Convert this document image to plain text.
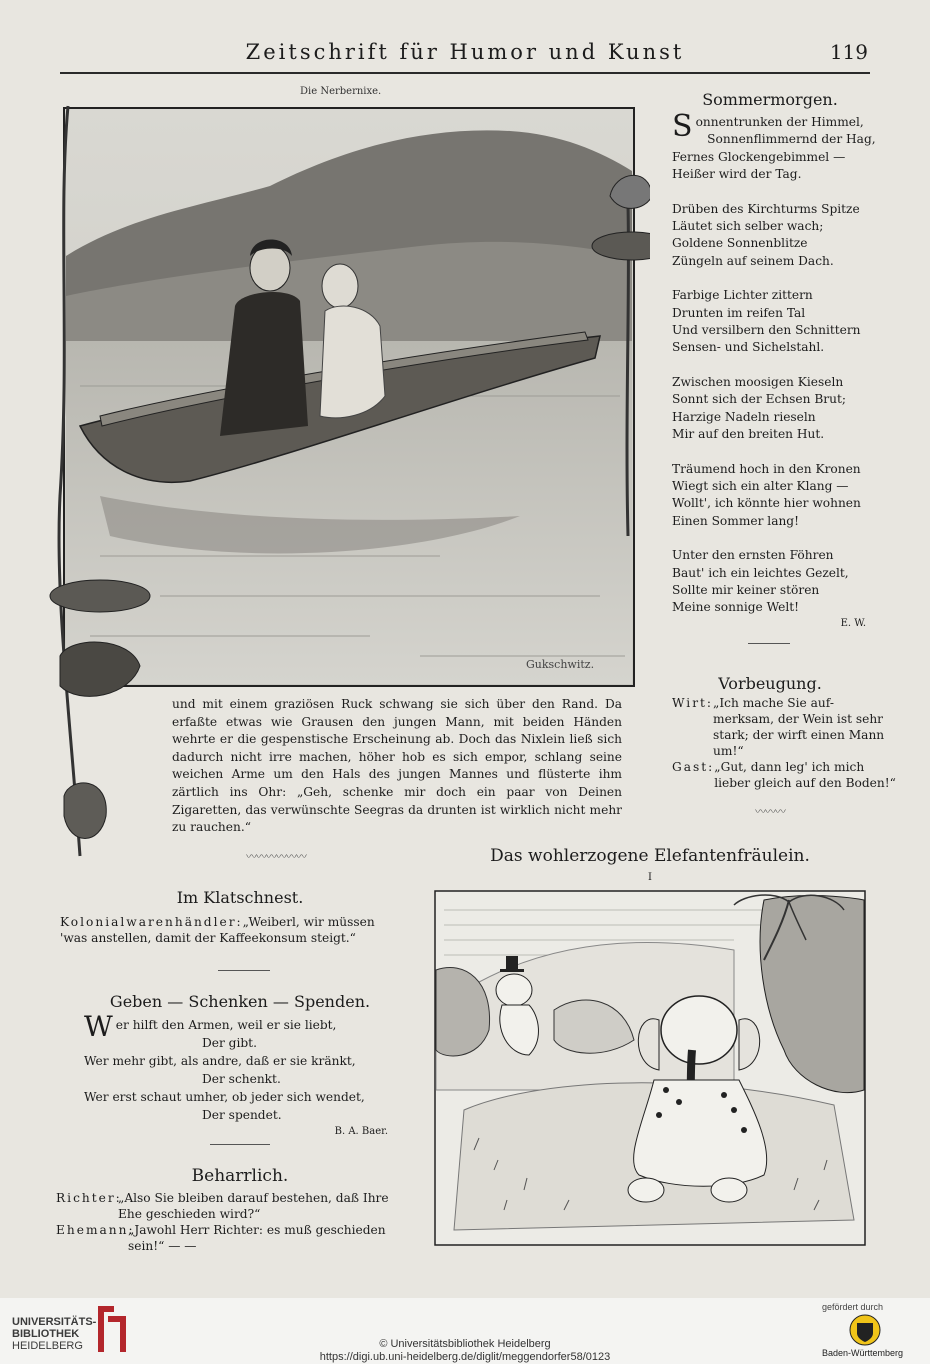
Zeitschrift für Humor und Kunst	119
Die Nerbernixe.
Gukschwitz.
Sommermorgen.
Sonnentrunken der Himmel,
Sonnenflimmernd der Hag,
Fernes Glockengebimmel —
Heißer wird der Tag.
Drüben des Kirchturms Spitze
Läutet sich selber wach;
Goldene Sonnenblitze
Züngeln auf seinem Dach.
Farbige Lichter zittern
Drunten im reifen Tal
Und versilbern den Schnittern
Sensen- und Sichelstahl.
Zwischen moosigen Kieseln
Sonnt sich der Echsen Brut;
Harzige Nadeln rieseln
Mir auf den breiten Hut.
Träumend hoch in den Kronen
Wiegt sich ein alter Klang —
Wollt', ich könnte hier wohnen
Einen Sommer lang!
Unter den ernsten Föhren
Baut' ich ein leichtes Gezelt,
Sollte mir keiner stören
Meine sonnige Welt!
E. W.
Vorbeugung.
Wirt: „Ich mache Sie auf-
merksam, der Wein ist sehr
stark; der wirft einen Mann
um!“
Gast: „Gut, dann leg' ich mich
lieber gleich auf den Boden!“
〰〰〰
und mit einem graziösen Ruck schwang sie sich über den Rand. Da erfaßte etwas wie Grausen den jungen Mann, mit beiden Händen wehrte er die gespenstische Erscheinung ab. Doch das Nixlein ließ sich dadurch nicht irre machen, höher hob es sich empor, schlang seine weichen Arme um den Hals des jungen Mannes und flüsterte ihm zärtlich ins Ohr: „Geh, schenke mir doch ein paar von Deinen Zigaretten, das verwünschte Seegras da drunten ist wirklich nicht mehr zu rauchen.“
〰〰〰〰〰〰	Das wohlerzogene Elefantenfräulein.
I
Im Klatschnest.
Kolonialwarenhändler:„Weiberl, wir müssen
'was anstellen, damit der Kaffeekonsum steigt.“
Geben — Schenken — Spenden.
Wer hilft den Armen, weil er sie liebt,
Der gibt.
Wer mehr gibt, als andre, daß er sie kränkt,
Der schenkt.
Wer erst schaut umher, ob jeder sich wendet,
Der spendet.
B. A. Baer.
Beharrlich.
Richter:
„Also Sie bleiben darauf bestehen, daß Ihre
Ehe geschieden wird?“
Ehemann:
„Jawohl Herr Richter: es muß geschieden
sein!“ — —
UNIVERSITÄTS-
BIBLIOTHEK
HEIDELBERG	© Universitätsbibliothek Heidelberg
https://digi.ub.uni-heidelberg.de/diglit/meggendorfer58/0123
gefördert durch
Baden-Württemberg
